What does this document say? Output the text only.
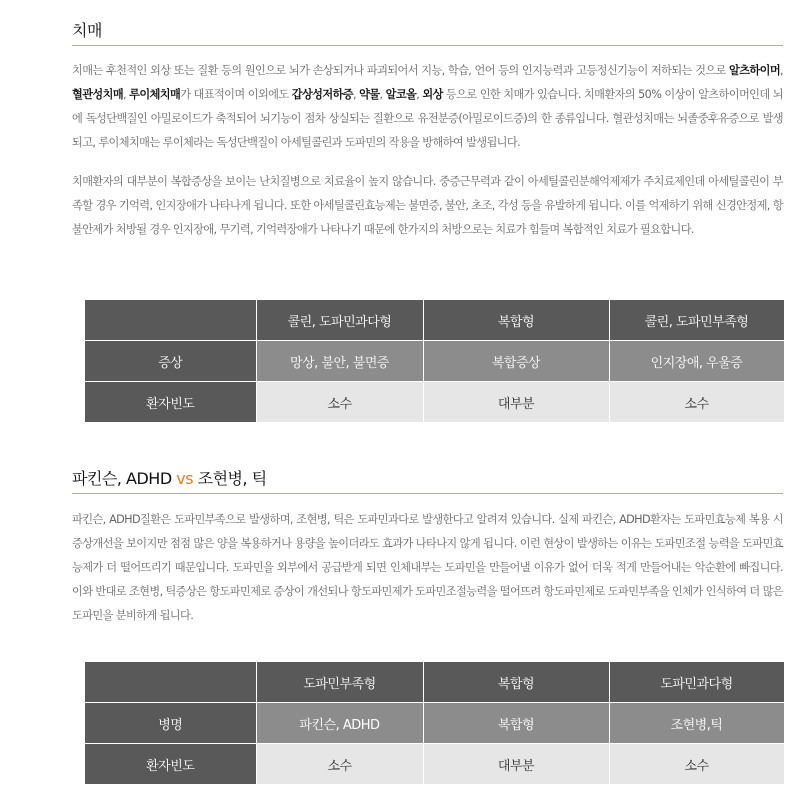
치매

치매는 후천적인 외상 또는 질환 등의 원인으로 뇌가 손상되거나 파괴되어서 지능, 학습, 언어 등의 인지능력과 고등정신기능이 저하되는 것으로 알츠하이머, 혈관성치매, 루이체치매가 대표적이며 이외에도 갑상성저하증, 약물, 알코올, 외상 등으로 인한 치매가 있습니다. 치매환자의 50% 이상이 알츠하이머인데 뇌에 독성단백질인 아밀로이드가 축적되어 뇌기능이 점차 상실되는 질환으로 유전분증(아밀로이드증)의 한 종류입니다. 혈관성치매는 뇌졸중후유증으로 발생되고, 루이체치매는 루이체라는 독성단백질이 아세틸콜린과 도파민의 작용을 방해하여 발생됩니다.

치매환자의 대부분이 복합증상을 보이는 난치질병으로 치료율이 높지 않습니다. 중증근무력과 같이 아세틸콜린분해억제제가 주치료제인데 아세틸콜린이 부족할 경우 기억력, 인지장애가 나타나게 됩니다. 또한 아세틸콜린효능제는 불면증, 불안, 초조, 각성 등을 유발하게 됩니다. 이를 억제하기 위해 신경안정제, 항불안제가 처방될 경우 인지장애, 무기력, 기억력장애가 나타나기 때문에 한가지의 처방으로는 치료가 힘들며 복합적인 치료가 필요합니다.

	콜린, 도파민과다형	복합형	콜린, 도파민부족형
증상	망상, 불안, 불면증	복합증상	인지장애, 우울증
환자빈도	소수	대부분	소수
파킨슨, ADHD vs 조현병, 틱

파킨슨, ADHD질환은 도파민부족으로 발생하며, 조현병, 틱은 도파민과다로 발생한다고 알려져 있습니다. 실제 파킨슨, ADHD환자는 도파민효능제 복용 시 증상개선을 보이지만 점점 많은 양을 복용하거나 용량을 높이더라도 효과가 나타나지 않게 됩니다. 이런 현상이 발생하는 이유는 도파민조절 능력을 도파민효능제가 더 떨어뜨리기 때문입니다. 도파민을 외부에서 공급받게 되면 인체내부는 도파민을 만들어낼 이유가 없어 더욱 적게 만들어내는 악순환에 빠집니다. 이와 반대로 조현병, 틱증상은 항도파민제로 증상이 개선되나 항도파민제가 도파민조절능력을 떨어뜨려 항도파민제로 도파민부족을 인체가 인식하여 더 많은 도파민을 분비하게 됩니다.

	도파민부족형	복합형	도파민과다형
병명	파킨슨, ADHD	복합형	조현병,틱
환자빈도	소수	대부분	소수
